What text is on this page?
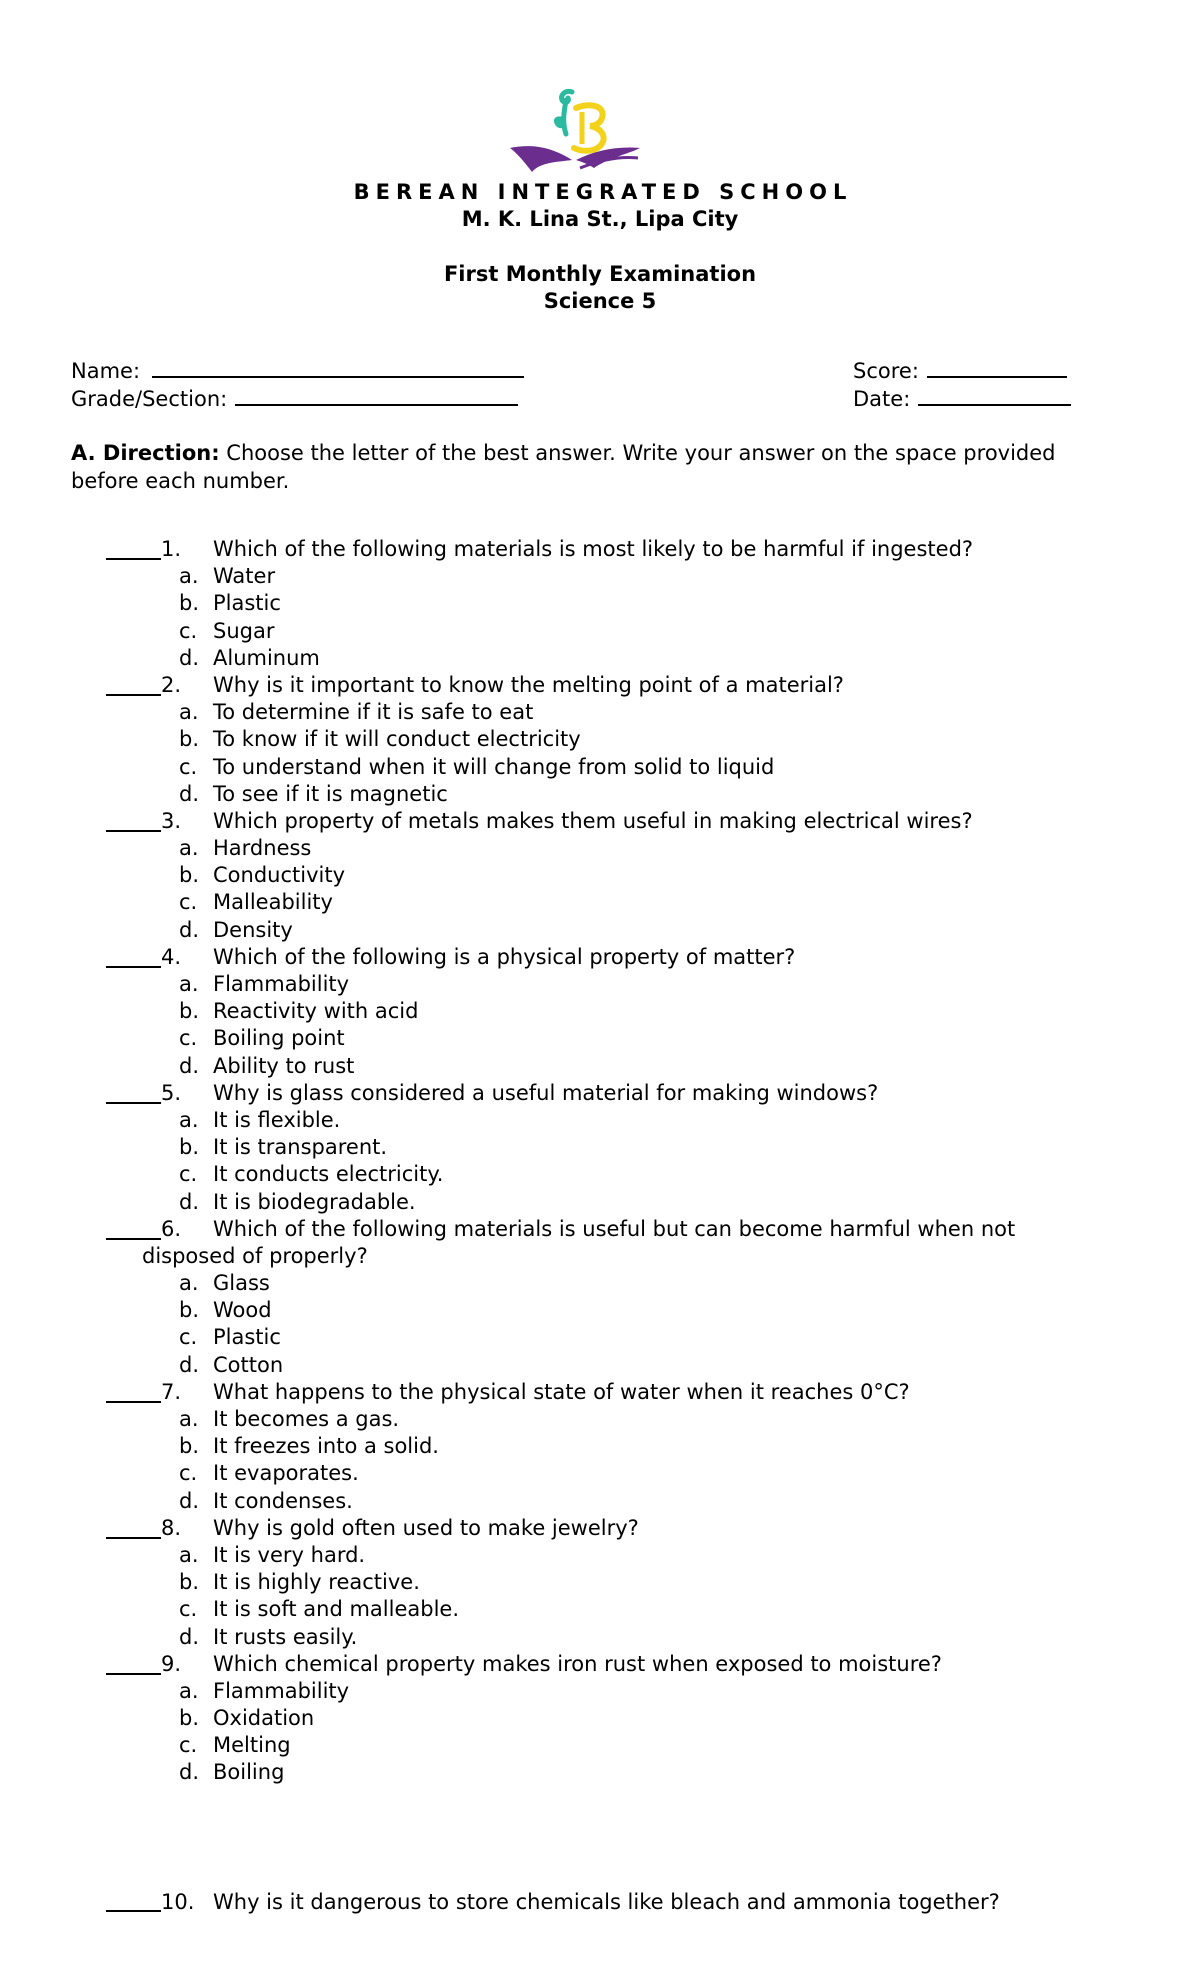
BEREAN INTEGRATED SCHOOL
M. K. Lina St., Lipa City
First Monthly Examination
Science 5
Name:
Grade/Section:
Score:
Date:
A. Direction: Choose the letter of the best answer. Write your answer on the space provided before each number.
1. Which of the following materials is most likely to be harmful if ingested?
a. Water
b. Plastic
c. Sugar
d. Aluminum
2. Why is it important to know the melting point of a material?
a. To determine if it is safe to eat
b. To know if it will conduct electricity
c. To understand when it will change from solid to liquid
d. To see if it is magnetic
3. Which property of metals makes them useful in making electrical wires?
a. Hardness
b. Conductivity
c. Malleability
d. Density
4. Which of the following is a physical property of matter?
a. Flammability
b. Reactivity with acid
c. Boiling point
d. Ability to rust
5. Why is glass considered a useful material for making windows?
a. It is flexible.
b. It is transparent.
c. It conducts electricity.
d. It is biodegradable.
6. Which of the following materials is useful but can become harmful when not
disposed of properly?
a. Glass
b. Wood
c. Plastic
d. Cotton
7. What happens to the physical state of water when it reaches 0°C?
a. It becomes a gas.
b. It freezes into a solid.
c. It evaporates.
d. It condenses.
8. Why is gold often used to make jewelry?
a. It is very hard.
b. It is highly reactive.
c. It is soft and malleable.
d. It rusts easily.
9. Which chemical property makes iron rust when exposed to moisture?
a. Flammability
b. Oxidation
c. Melting
d. Boiling
10. Why is it dangerous to store chemicals like bleach and ammonia together?
